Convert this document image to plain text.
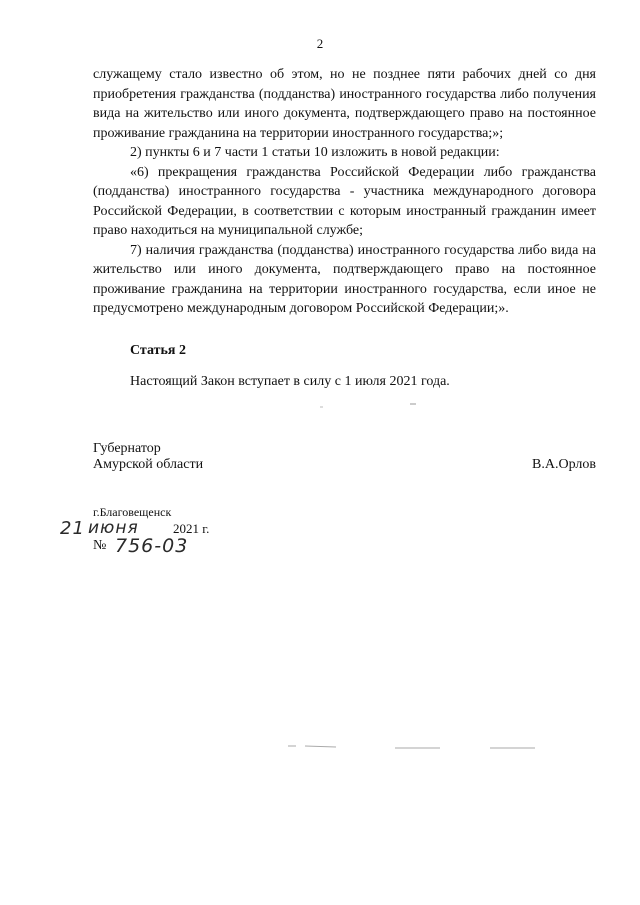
2

служащему стало известно об этом, но не позднее пяти рабочих дней со дня приобретения гражданства (подданства) иностранного государства либо получения вида на жительство или иного документа, подтверждающего право на постоянное проживание гражданина на территории иностранного государства;»;

2) пункты 6 и 7 части 1 статьи 10 изложить в новой редакции:

«6) прекращения гражданства Российской Федерации либо гражданства (подданства) иностранного государства - участника международного договора Российской Федерации, в соответствии с которым иностранный гражданин имеет право находиться на муниципальной службе;

7) наличия гражданства (подданства) иностранного государства либо вида на жительство или иного документа, подтверждающего право на постоянное проживание гражданина на территории иностранного государства, если иное не предусмотрено международным договором Российской Федерации;».

Статья 2
Настоящий Закон вступает в силу с 1 июля 2021 года.
Губернатор
Амурской области	В.А.Орлов
г.Благовещенск
21 июня	2021 г.
№ 756-03
